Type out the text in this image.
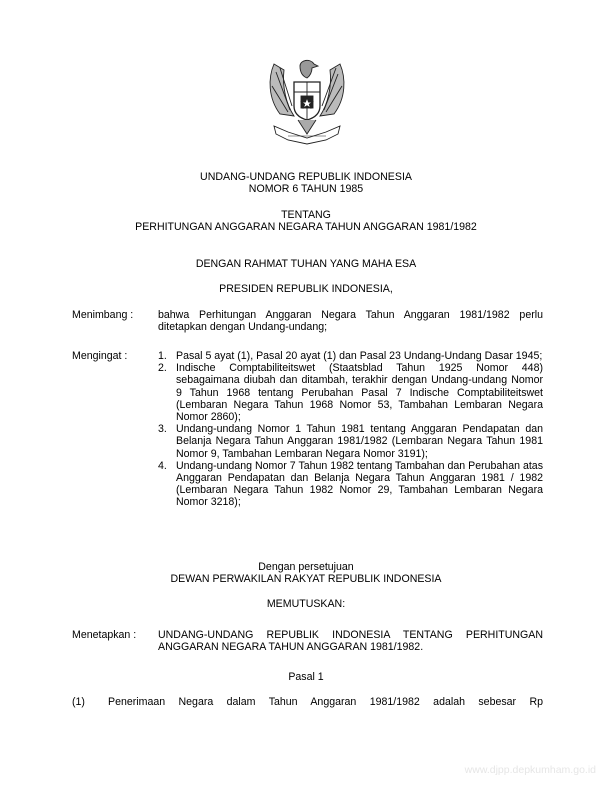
UNDANG-UNDANG REPUBLIK INDONESIA
NOMOR 6 TAHUN 1985
TENTANG
PERHITUNGAN ANGGARAN NEGARA TAHUN ANGGARAN 1981/1982
DENGAN RAHMAT TUHAN YANG MAHA ESA
PRESIDEN REPUBLIK INDONESIA,
Menimbang : bahwa Perhitungan Anggaran Negara Tahun Anggaran 1981/1982 perlu ditetapkan dengan Undang-undang;
Mengingat :	1. Pasal 5 ayat (1), Pasal 20 ayat (1) dan Pasal 23 Undang-Undang Dasar 1945;
2. Indische Comptabiliteitswet (Staatsblad Tahun 1925 Nomor 448) sebagaimana diubah dan ditambah, terakhir dengan Undang-undang Nomor 9 Tahun 1968 tentang Perubahan Pasal 7 Indische Comptabiliteitswet (Lembaran Negara Tahun 1968 Nomor 53, Tambahan Lembaran Negara Nomor 2860);
3. Undang-undang Nomor 1 Tahun 1981 tentang Anggaran Pendapatan dan Belanja Negara Tahun Anggaran 1981/1982 (Lembaran Negara Tahun 1981 Nomor 9, Tambahan Lembaran Negara Nomor 3191);
4. Undang-undang Nomor 7 Tahun 1982 tentang Tambahan dan Perubahan atas Anggaran Pendapatan dan Belanja Negara Tahun Anggaran 1981 / 1982 (Lembaran Negara Tahun 1982 Nomor 29, Tambahan Lembaran Negara Nomor 3218);
Dengan persetujuan
DEWAN PERWAKILAN RAKYAT REPUBLIK INDONESIA
MEMUTUSKAN:
Menetapkan : UNDANG-UNDANG REPUBLIK INDONESIA TENTANG PERHITUNGAN ANGGARAN NEGARA TAHUN ANGGARAN 1981/1982.
Pasal 1
(1) Penerimaan Negara dalam Tahun Anggaran 1981/1982 adalah sebesar Rp
www.djpp.depkumham.go.id
